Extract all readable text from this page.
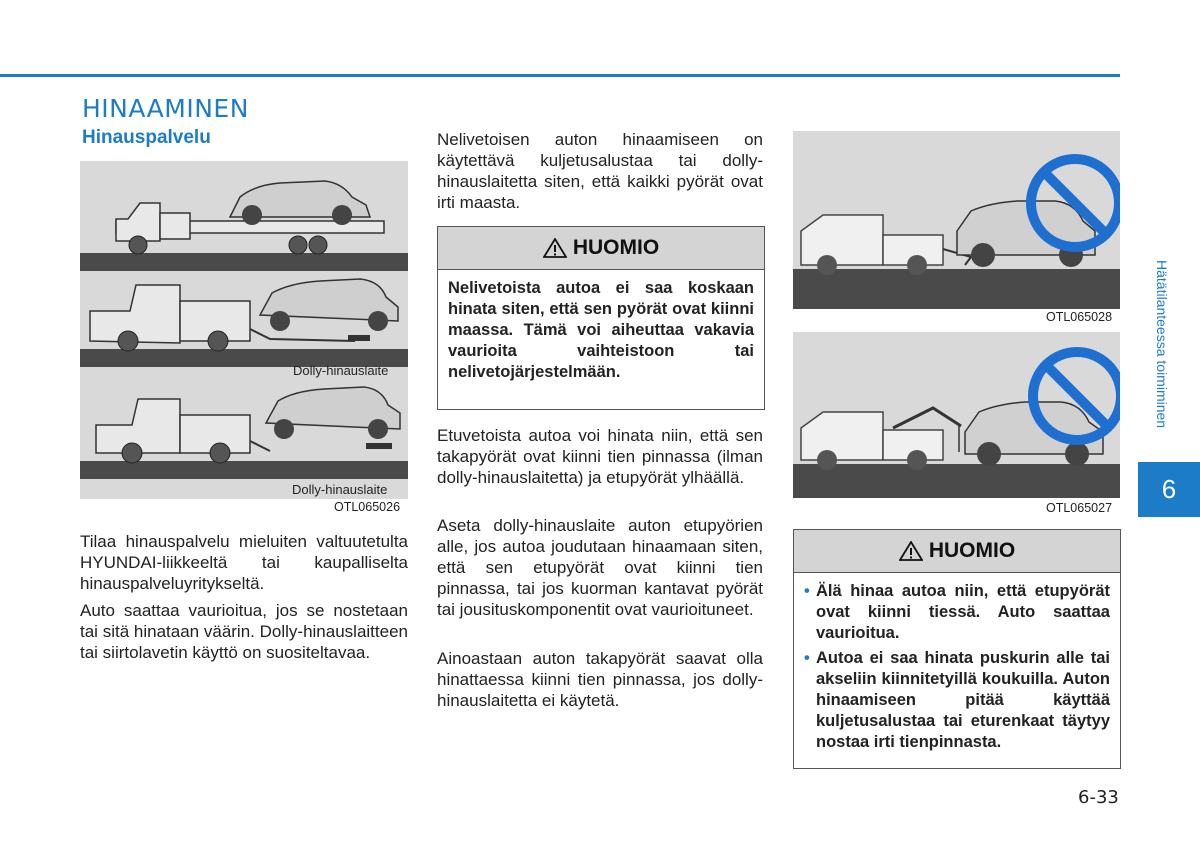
HINAAMINEN
Hinauspalvelu
Dolly-hinauslaite
Dolly-hinauslaite
OTL065026
Tilaa hinauspalvelu mieluiten valtuutetulta HYUNDAI-liikkeeltä tai kaupalliselta hinauspalveluyritykseltä.
Auto saattaa vaurioitua, jos se nostetaan tai sitä hinataan väärin. Dolly-hinauslaitteen tai siirtolavetin käyttö on suositeltavaa.
Nelivetoisen auton hinaamiseen on käytettävä kuljetusalustaa tai dolly-hinauslaitetta siten, että kaikki pyörät ovat irti maasta.
HUOMIO
Nelivetoista autoa ei saa koskaan hinata siten, että sen pyörät ovat kiinni maassa. Tämä voi aiheuttaa vakavia vaurioita vaihteistoon tai nelivetojärjestelmään.
Etuvetoista autoa voi hinata niin, että sen takapyörät ovat kiinni tien pinnassa (ilman dolly-hinauslaitetta) ja etupyörät ylhäällä.
Aseta dolly-hinauslaite auton etupyörien alle, jos autoa joudutaan hinaamaan siten, että sen etupyörät ovat kiinni tien pinnassa, tai jos kuorman kantavat pyörät tai jousituskomponentit ovat vaurioituneet.
Ainoastaan auton takapyörät saavat olla hinattaessa kiinni tien pinnassa, jos dolly-hinauslaitetta ei käytetä.
OTL065028
OTL065027
HUOMIO
• Älä hinaa autoa niin, että etupyörät ovat kiinni tiessä. Auto saattaa vaurioitua.
• Autoa ei saa hinata puskurin alle tai akseliin kiinnitetyillä koukuilla. Auton hinaamiseen pitää käyttää kuljetusalustaa tai eturenkaat täytyy nostaa irti tienpinnasta.
Hätätilanteessa toimiminen
6
6-33
